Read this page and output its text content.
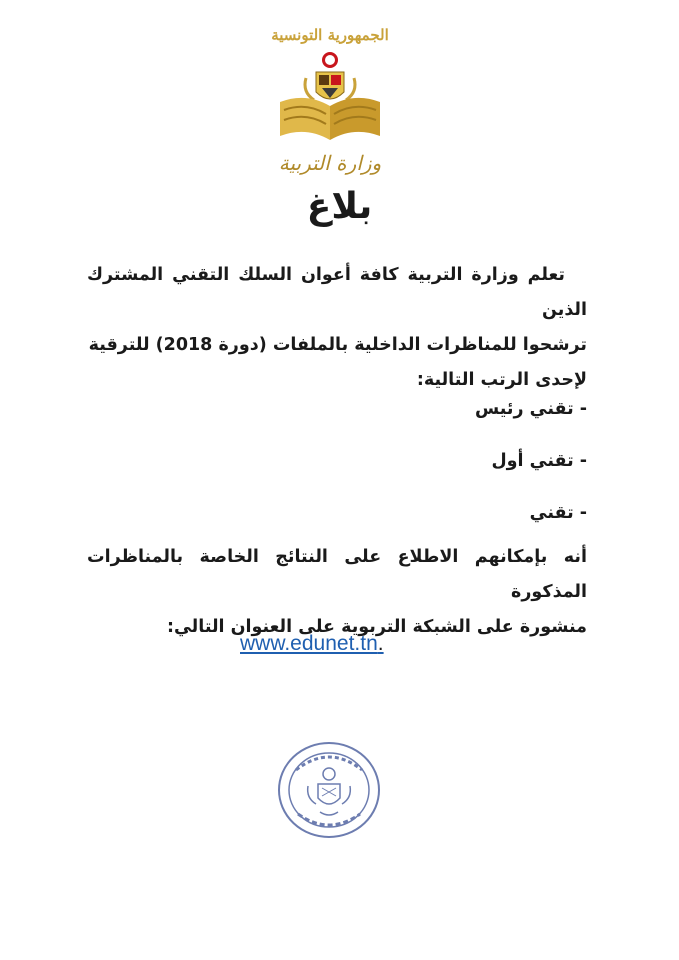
الجمهورية التونسية
وزارة التربية
بلاغ

تعلم وزارة التربية كافة أعوان السلك التقني المشترك الذين

ترشحوا للمناظرات الداخلية بالملفات (دورة 2018) للترقية

لإحدى الرتب التالية:

- تقني رئيس
- تقني أول
- تقني

أنه بإمكانهم الاطلاع على النتائج الخاصة بالمناظرات المذكورة

منشورة على الشبكة التربوية على العنوان التالي:

www.edunet.tn.
